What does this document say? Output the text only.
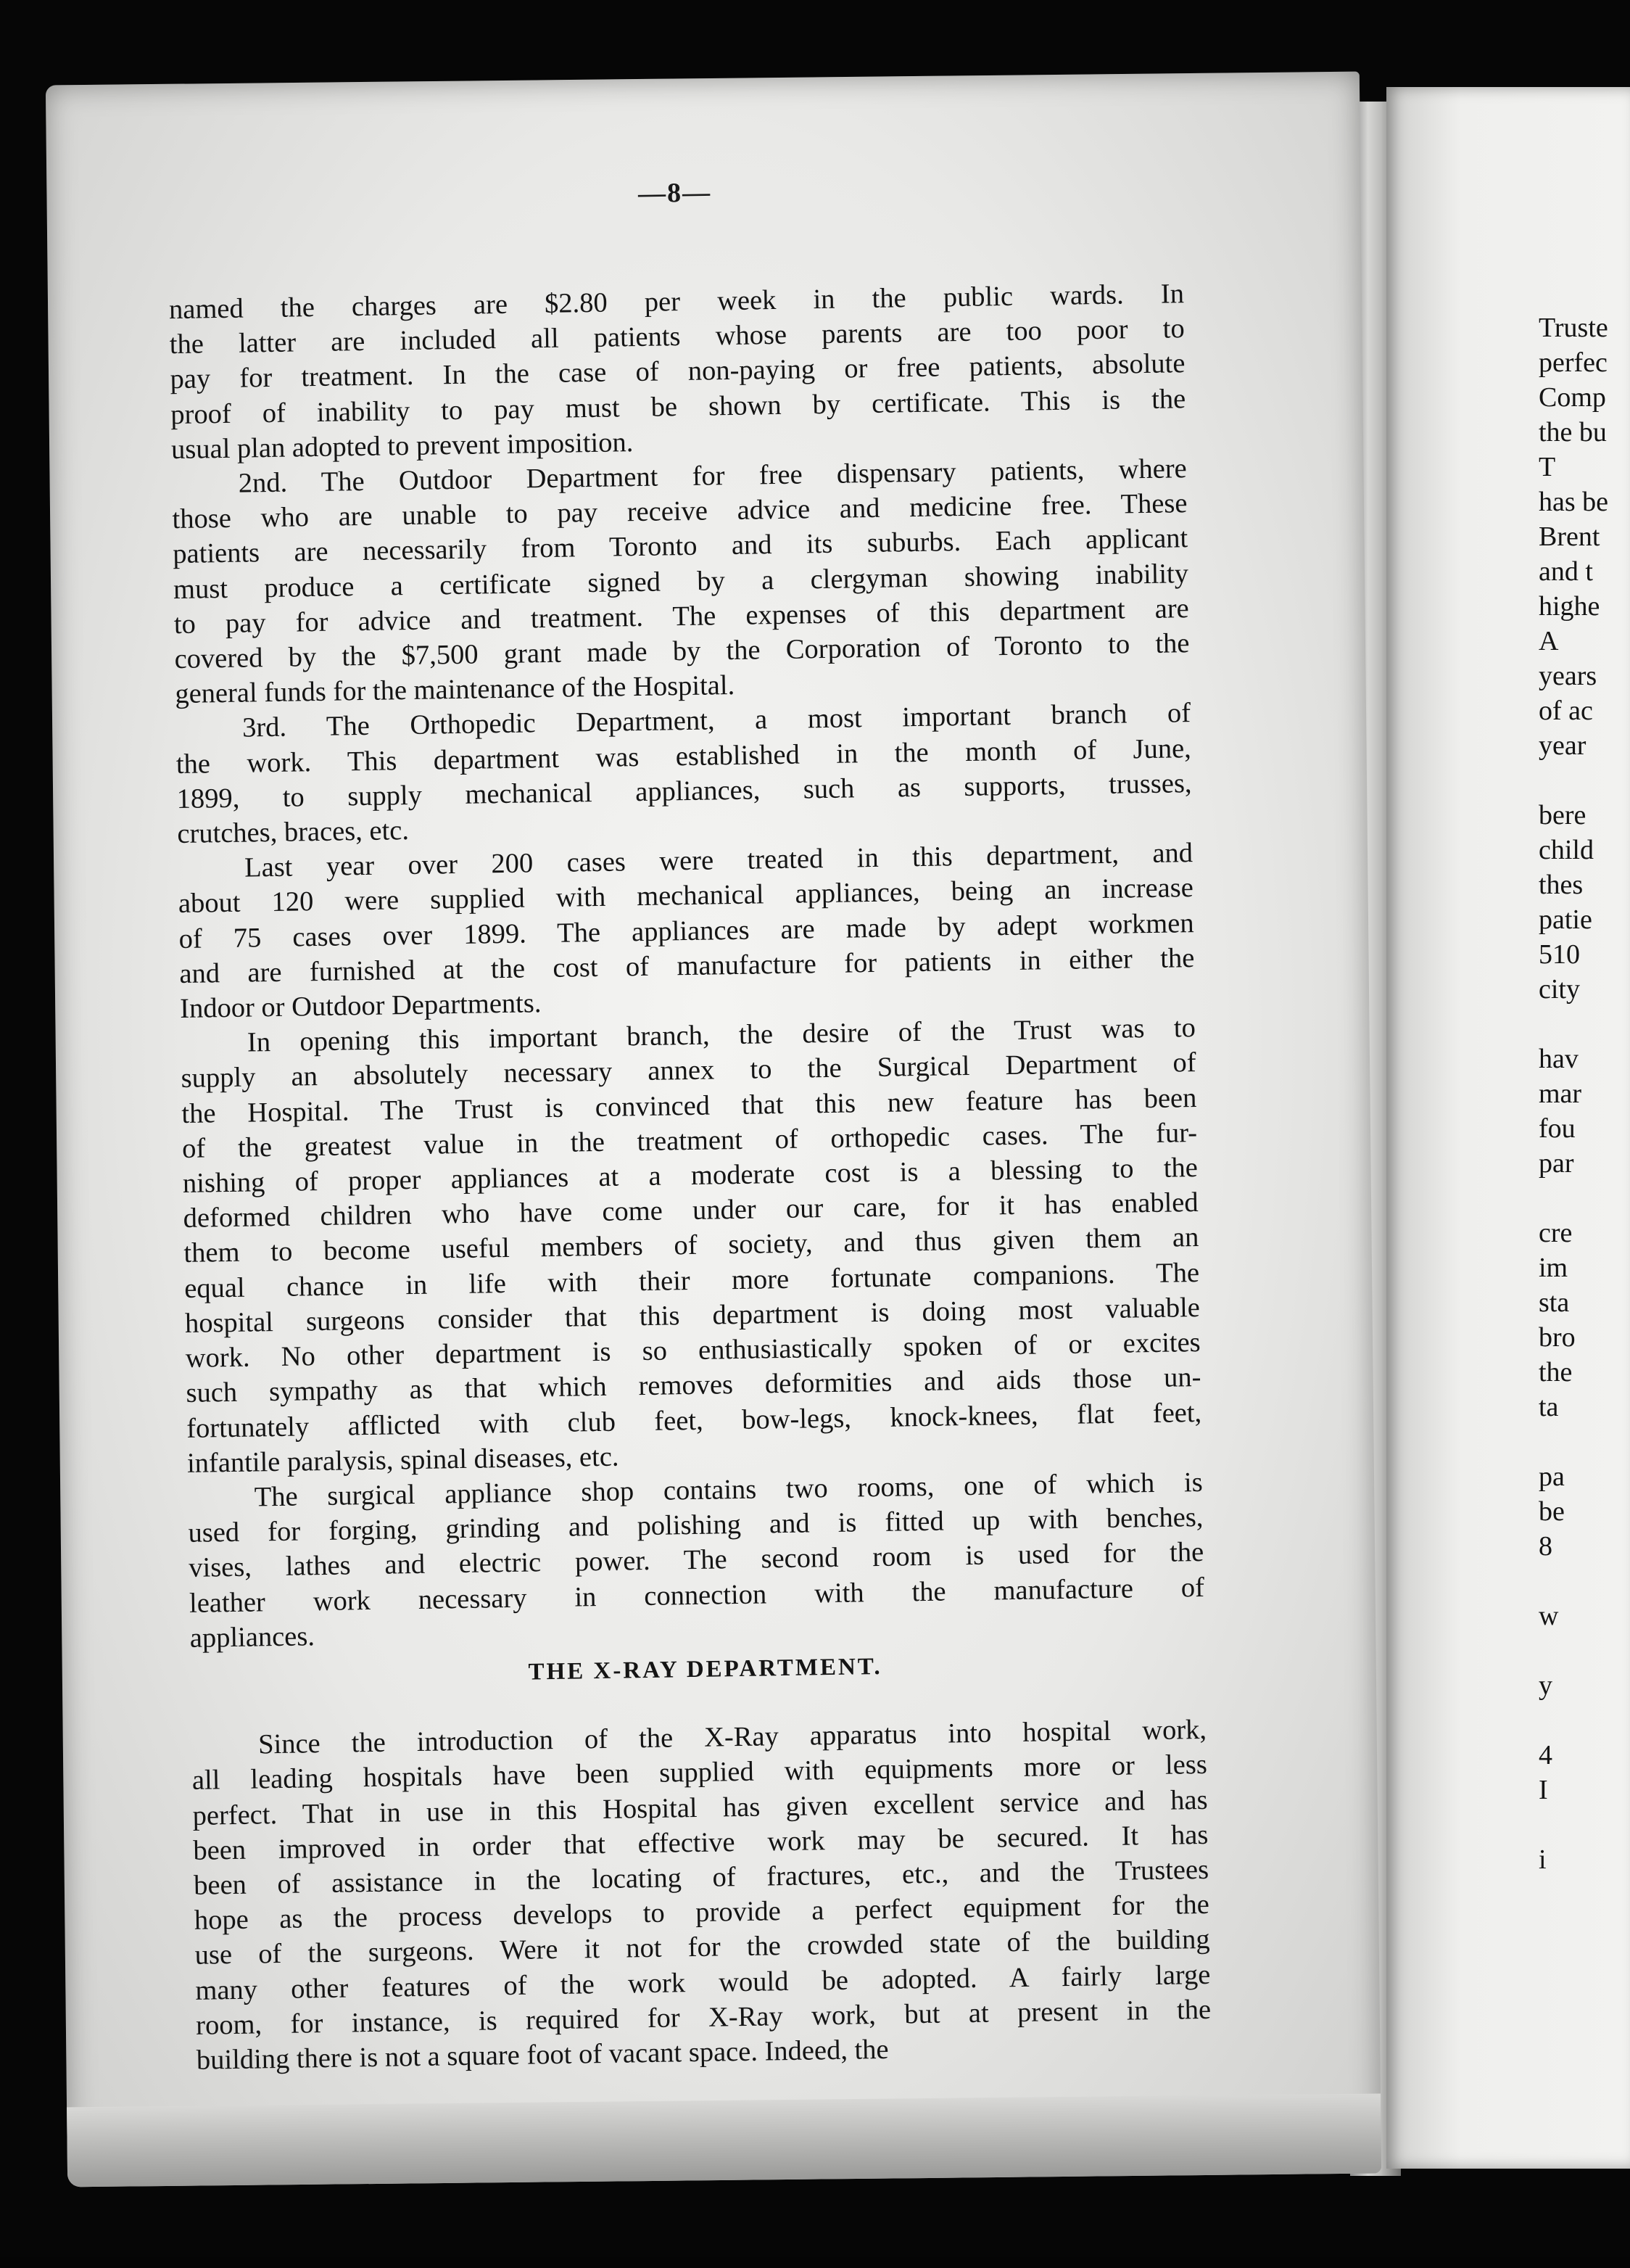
—8—
named the charges are $2.80 per week in the public wards. In
the latter are included all patients whose parents are too poor to
pay for treatment. In the case of non-paying or free patients, absolute
proof of inability to pay must be shown by certificate. This is the
usual plan adopted to prevent imposition.
2nd. The Outdoor Department for free dispensary patients, where
those who are unable to pay receive advice and medicine free. These
patients are necessarily from Toronto and its suburbs. Each applicant
must produce a certificate signed by a clergyman showing inability
to pay for advice and treatment. The expenses of this department are
covered by the $7,500 grant made by the Corporation of Toronto to the
general funds for the maintenance of the Hospital.
3rd. The Orthopedic Department, a most important branch of
the work. This department was established in the month of June,
1899, to supply mechanical appliances, such as supports, trusses,
crutches, braces, etc.
Last year over 200 cases were treated in this department, and
about 120 were supplied with mechanical appliances, being an increase
of 75 cases over 1899. The appliances are made by adept workmen
and are furnished at the cost of manufacture for patients in either the
Indoor or Outdoor Departments.
In opening this important branch, the desire of the Trust was to
supply an absolutely necessary annex to the Surgical Department of
the Hospital. The Trust is convinced that this new feature has been
of the greatest value in the treatment of orthopedic cases. The fur-
nishing of proper appliances at a moderate cost is a blessing to the
deformed children who have come under our care, for it has enabled
them to become useful members of society, and thus given them an
equal chance in life with their more fortunate companions. The
hospital surgeons consider that this department is doing most valuable
work. No other department is so enthusiastically spoken of or excites
such sympathy as that which removes deformities and aids those un-
fortunately afflicted with club feet, bow-legs, knock-knees, flat feet,
infantile paralysis, spinal diseases, etc.
The surgical appliance shop contains two rooms, one of which is
used for forging, grinding and polishing and is fitted up with benches,
vises, lathes and electric power. The second room is used for the
leather work necessary in connection with the manufacture of
appliances.
THE X-RAY DEPARTMENT.
Since the introduction of the X-Ray apparatus into hospital work,
all leading hospitals have been supplied with equipments more or less
perfect. That in use in this Hospital has given excellent service and has
been improved in order that effective work may be secured. It has
been of assistance in the locating of fractures, etc., and the Trustees
hope as the process develops to provide a perfect equipment for the
use of the surgeons. Were it not for the crowded state of the building
many other features of the work would be adopted. A fairly large
room, for instance, is required for X-Ray work, but at present in the
building there is not a square foot of vacant space. Indeed, the
Truste
perfec
Comp
the bu
T
has be
Brent
and t
highe
A
years
of ac
year

bere
child
thes
patie
510
city

hav
mar
fou
par

cre
im
sta
bro
the
ta

pa
be
8

w

y

4
I

i
